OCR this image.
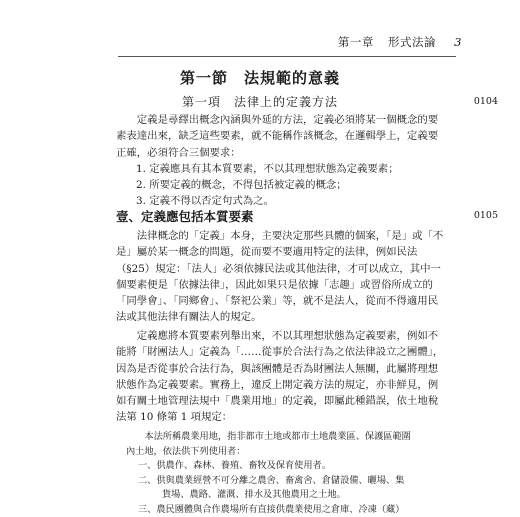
第一章 形式法論 3
第一節　法規範的意義
第一項　法律上的定義方法	0104
定義是尋繹出概念內涵與外延的方法，定義必須將某一個概念的要
素表達出來，缺乏這些要素，就不能稱作該概念，在邏輯學上，定義要
正確，必須符合三個要求：
1. 定義應具有其本質要素，不以其理想狀態為定義要素；
2. 所要定義的概念，不得包括被定義的概念；
3. 定義不得以否定句式為之。
壹、定義應包括本質要素	0105
法律概念的「定義」本身，主要決定那些具體的個案，「是」或「不
是」屬於某一概念的問題，從而要不要適用特定的法律，例如民法
（§25）規定：「法人」必須依據民法或其他法律，才可以成立，其中一
個要素便是「依據法律」，因此如果只是依據「志趣」或習俗所成立的
「同學會」、「同鄉會」、「祭祀公業」等，就不是法人，從而不得適用民
法或其他法律有關法人的規定。
定義應將本質要素列舉出來，不以其理想狀態為定義要素，例如不
能將「財團法人」定義為「……從事於合法行為之依法律設立之團體」，
因為是否從事於合法行為，與該團體是否為財團法人無關，此屬將理想
狀態作為定義要素。實務上，違反上開定義方法的規定，亦非鮮見，例
如有關土地管理法規中「農業用地」的定義，即屬此種錯誤，依土地稅
法第 10 條第 1 項規定：
本法所稱農業用地，指非都市土地或都市土地農業區、保護區範圍
內土地，依法供下列使用者：
一、供農作、森林、養殖、畜牧及保育使用者。
二、供與農業經營不可分離之農舍、畜禽舍、倉儲設備、曬場、集
貨場、農路、灌溉、排水及其他農用之土地。
三、農民團體與合作農場所有直接供農業使用之倉庫、冷凍（藏）
